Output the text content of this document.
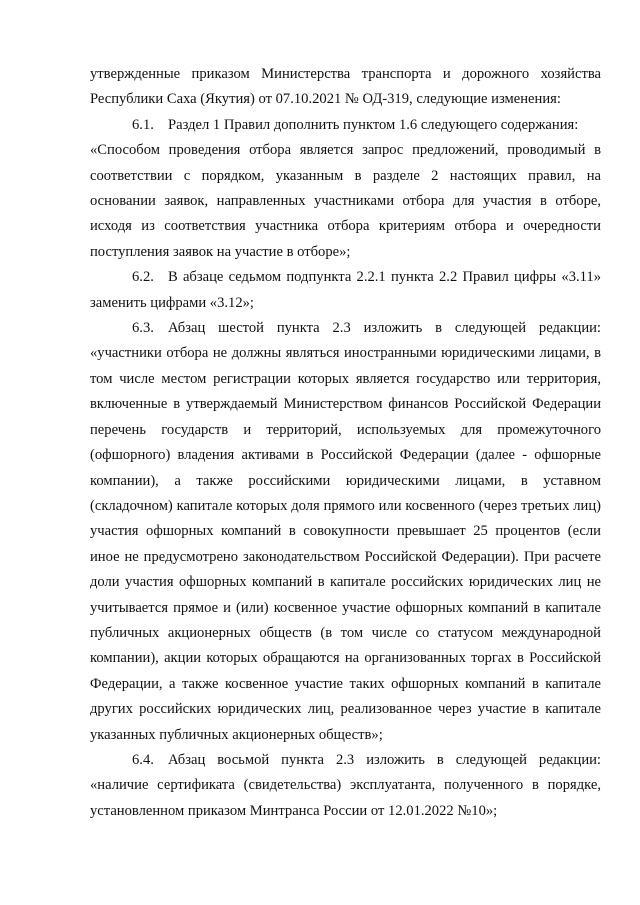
утвержденные приказом Министерства транспорта и дорожного хозяйства Республики Саха (Якутия) от 07.10.2021 № ОД-319, следующие изменения:

6.1. Раздел 1 Правил дополнить пунктом 1.6 следующего содержания:

«Способом проведения отбора является запрос предложений, проводимый в соответствии с порядком, указанным в разделе 2 настоящих правил, на основании заявок, направленных участниками отбора для участия в отборе, исходя из соответствия участника отбора критериям отбора и очередности поступления заявок на участие в отборе»;

6.2. В абзаце седьмом подпункта 2.2.1 пункта 2.2 Правил цифры «3.11» заменить цифрами «3.12»;

6.3. Абзац шестой пункта 2.3 изложить в следующей редакции: «участники отбора не должны являться иностранными юридическими лицами, в том числе местом регистрации которых является государство или территория, включенные в утверждаемый Министерством финансов Российской Федерации перечень государств и территорий, используемых для промежуточного (офшорного) владения активами в Российской Федерации (далее - офшорные компании), а также российскими юридическими лицами, в уставном (складочном) капитале которых доля прямого или косвенного (через третьих лиц) участия офшорных компаний в совокупности превышает 25 процентов (если иное не предусмотрено законодательством Российской Федерации). При расчете доли участия офшорных компаний в капитале российских юридических лиц не учитывается прямое и (или) косвенное участие офшорных компаний в капитале публичных акционерных обществ (в том числе со статусом международной компании), акции которых обращаются на организованных торгах в Российской Федерации, а также косвенное участие таких офшорных компаний в капитале других российских юридических лиц, реализованное через участие в капитале указанных публичных акционерных обществ»;

6.4. Абзац восьмой пункта 2.3 изложить в следующей редакции: «наличие сертификата (свидетельства) эксплуатанта, полученного в порядке, установленном приказом Минтранса России от 12.01.2022 №10»;
